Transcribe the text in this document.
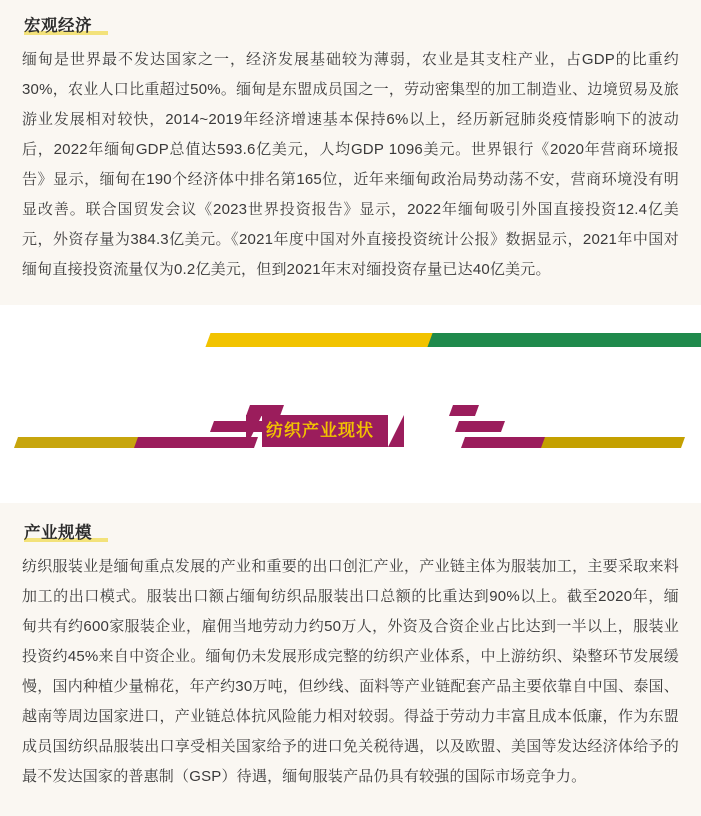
宏观经济
缅甸是世界最不发达国家之一，经济发展基础较为薄弱，农业是其支柱产业，占GDP的比重约30%，农业人口比重超过50%。缅甸是东盟成员国之一，劳动密集型的加工制造业、边境贸易及旅游业发展相对较快，2014~2019年经济增速基本保持6%以上，经历新冠肺炎疫情影响下的波动后，2022年缅甸GDP总值达593.6亿美元，人均GDP 1096美元。世界银行《2020年营商环境报告》显示，缅甸在190个经济体中排名第165位，近年来缅甸政治局势动荡不安，营商环境没有明显改善。联合国贸发会议《2023世界投资报告》显示，2022年缅甸吸引外国直接投资12.4亿美元，外资存量为384.3亿美元。《2021年度中国对外直接投资统计公报》数据显示，2021年中国对缅甸直接投资流量仅为0.2亿美元，但到2021年末对缅投资存量已达40亿美元。
纺织产业现状
产业规模
纺织服装业是缅甸重点发展的产业和重要的出口创汇产业，产业链主体为服装加工，主要采取来料加工的出口模式。服装出口额占缅甸纺织品服装出口总额的比重达到90%以上。截至2020年，缅甸共有约600家服装企业，雇佣当地劳动力约50万人，外资及合资企业占比达到一半以上，服装业投资约45%来自中资企业。缅甸仍未发展形成完整的纺织产业体系，中上游纺织、染整环节发展缓慢，国内种植少量棉花，年产约30万吨，但纱线、面料等产业链配套产品主要依靠自中国、泰国、越南等周边国家进口，产业链总体抗风险能力相对较弱。得益于劳动力丰富且成本低廉，作为东盟成员国纺织品服装出口享受相关国家给予的进口免关税待遇，以及欧盟、美国等发达经济体给予的最不发达国家的普惠制（GSP）待遇，缅甸服装产品仍具有较强的国际市场竞争力。
